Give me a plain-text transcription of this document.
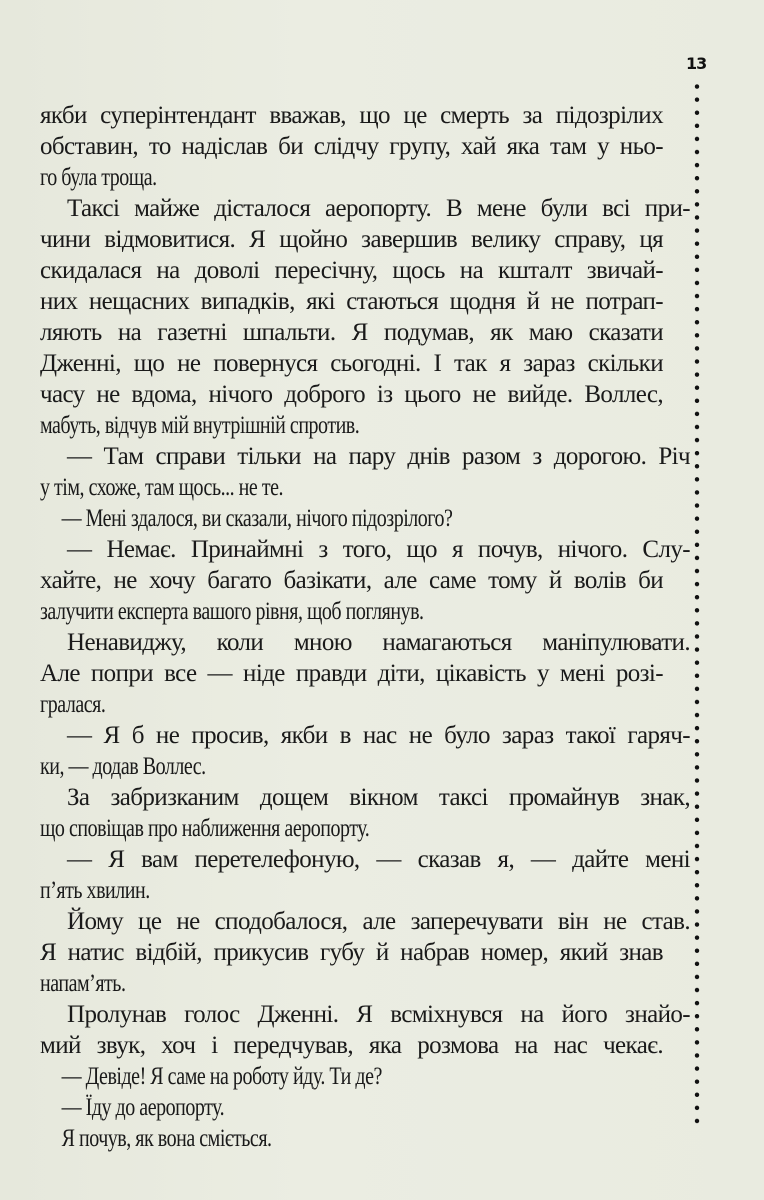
13
якби суперінтендант вважав, що це смерть за підозрілих
обставин, то надіслав би слідчу групу, хай яка там у ньо-
го була троща.
Таксі майже дісталося аеропорту. В мене були всі при-
чини відмовитися. Я щойно завершив велику справу, ця
скидалася на доволі пересічну, щось на кшталт звичай-
них нещасних випадків, які стаються щодня й не потрап-
ляють на газетні шпальти. Я подумав, як маю сказати
Дженні, що не повернуся сьогодні. І так я зараз скільки
часу не вдома, нічого доброго із цього не вийде. Воллес,
мабуть, відчув мій внутрішній спротив.
— Там справи тільки на пару днів разом з дорогою. Річ
у тім, схоже, там щось... не те.
— Мені здалося, ви сказали, нічого підозрілого?
— Немає. Принаймні з того, що я почув, нічого. Слу-
хайте, не хочу багато базікати, але саме тому й волів би
залучити експерта вашого рівня, щоб поглянув.
Ненавиджу, коли мною намагаються маніпулювати.
Але попри все — ніде правди діти, цікавість у мені розі-
гралася.
— Я б не просив, якби в нас не було зараз такої гаряч-
ки, — додав Воллес.
За забризканим дощем вікном таксі промайнув знак,
що сповіщав про наближення аеропорту.
— Я вам перетелефоную, — сказав я, — дайте мені
п’ять хвилин.
Йому це не сподобалося, але заперечувати він не став.
Я натис відбій, прикусив губу й набрав номер, який знав
напам’ять.
Пролунав голос Дженні. Я всміхнувся на його знайо-
мий звук, хоч і передчував, яка розмова на нас чекає.
— Девіде! Я саме на роботу йду. Ти де?
— Їду до аеропорту.
Я почув, як вона сміється.
